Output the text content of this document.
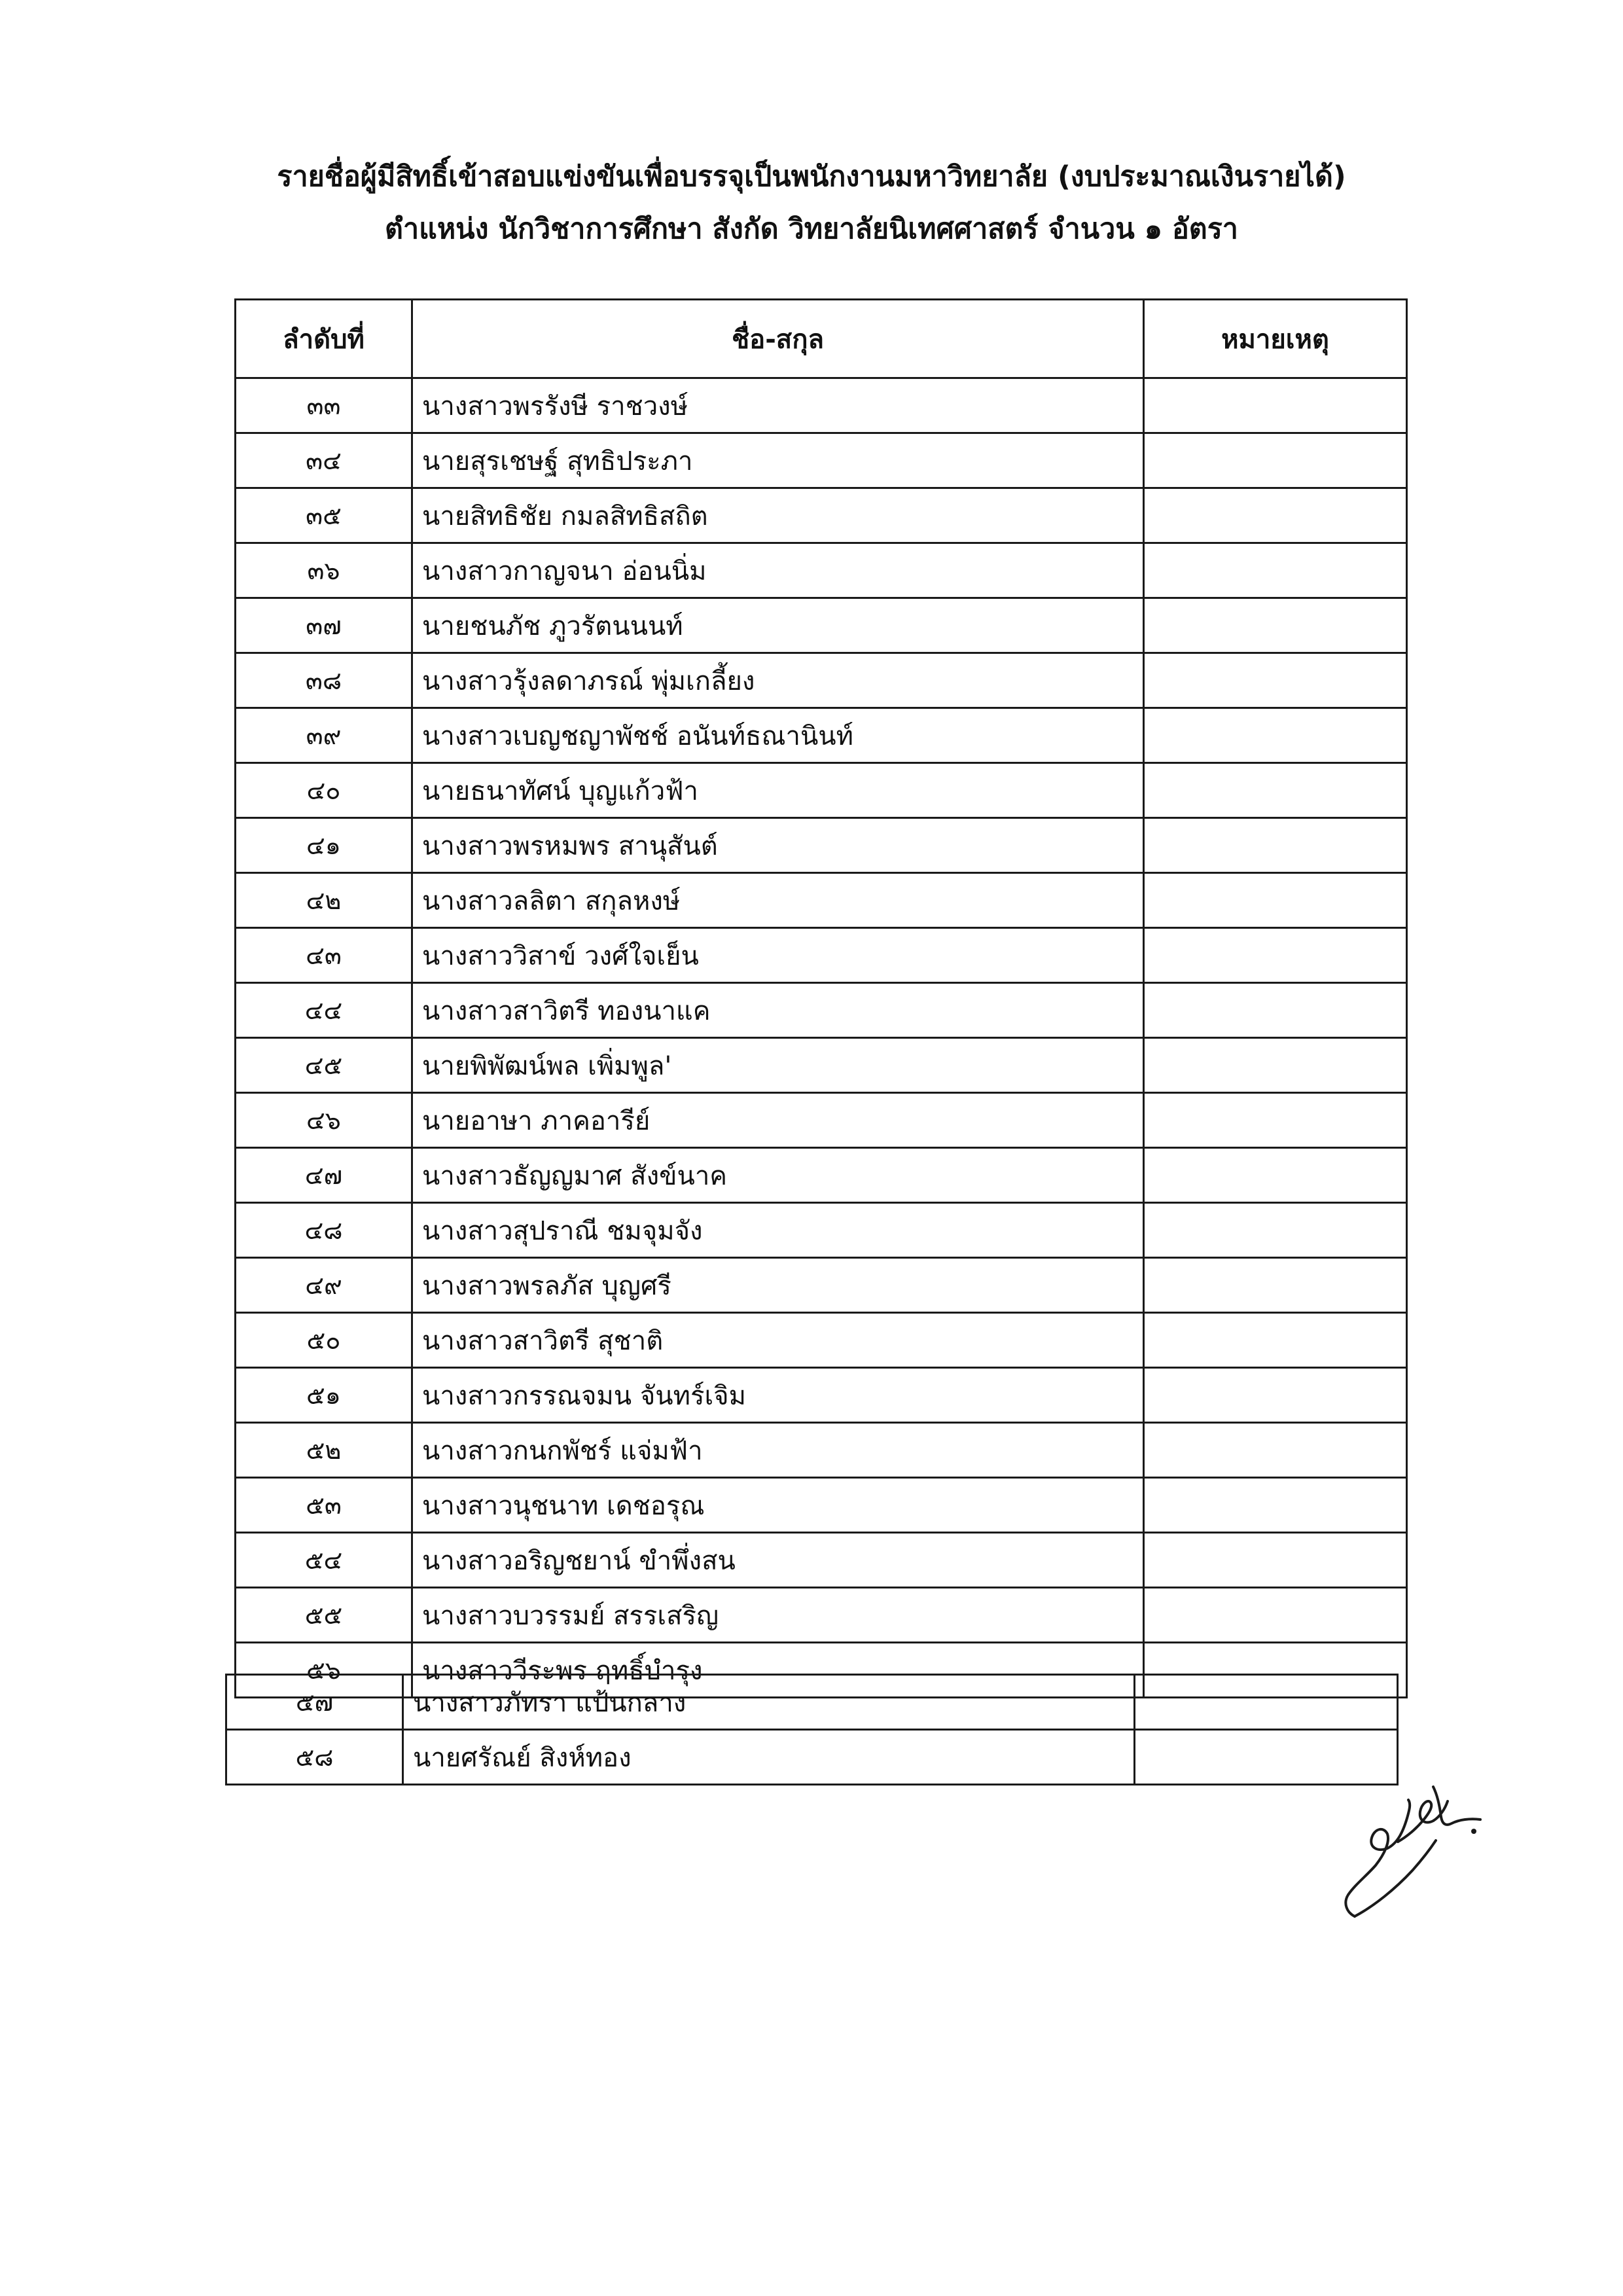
รายชื่อผู้มีสิทธิ์เข้าสอบแข่งขันเพื่อบรรจุเป็นพนักงานมหาวิทยาลัย (งบประมาณเงินรายได้)
ตำแหน่ง นักวิชาการศึกษา สังกัด วิทยาลัยนิเทศศาสตร์ จำนวน ๑ อัตรา
ลำดับที่	ชื่อ-สกุล	หมายเหตุ
๓๓	นางสาวพรรังษี ราชวงษ์	
๓๔	นายสุรเชษฐ์ สุทธิประภา	
๓๕	นายสิทธิชัย กมลสิทธิสถิต	
๓๖	นางสาวกาญจนา อ่อนนิ่ม	
๓๗	นายชนภัช ภูวรัตนนนท์	
๓๘	นางสาวรุ้งลดาภรณ์ พุ่มเกลี้ยง	
๓๙	นางสาวเบญชญาพัชช์ อนันท์ธณานินท์	
๔๐	นายธนาทัศน์ บุญแก้วฟ้า	
๔๑	นางสาวพรหมพร สานุสันต์	
๔๒	นางสาวลลิตา สกุลหงษ์	
๔๓	นางสาววิสาข์ วงศ์ใจเย็น	
๔๔	นางสาวสาวิตรี ทองนาแค	
๔๕	นายพิพัฒน์พล เพิ่มพูล'	
๔๖	นายอาษา ภาคอารีย์	
๔๗	นางสาวธัญญมาศ สังข์นาค	
๔๘	นางสาวสุปราณี ชมจุมจัง	
๔๙	นางสาวพรลภัส บุญศรี	
๕๐	นางสาวสาวิตรี สุชาติ	
๕๑	นางสาวกรรณจมน จันทร์เจิม	
๕๒	นางสาวกนกพัชร์ แจ่มฟ้า	
๕๓	นางสาวนุชนาท เดชอรุณ	
๕๔	นางสาวอริญชยาน์ ขำพึ่งสน	
๕๕	นางสาวบวรรมย์ สรรเสริญ	
๕๖	นางสาววีระพร ฤทธิ์บำรุง	
๕๗	นางสาวภัทรา แป้นกลาง	
๕๘	นายศรัณย์ สิงห์ทอง	
